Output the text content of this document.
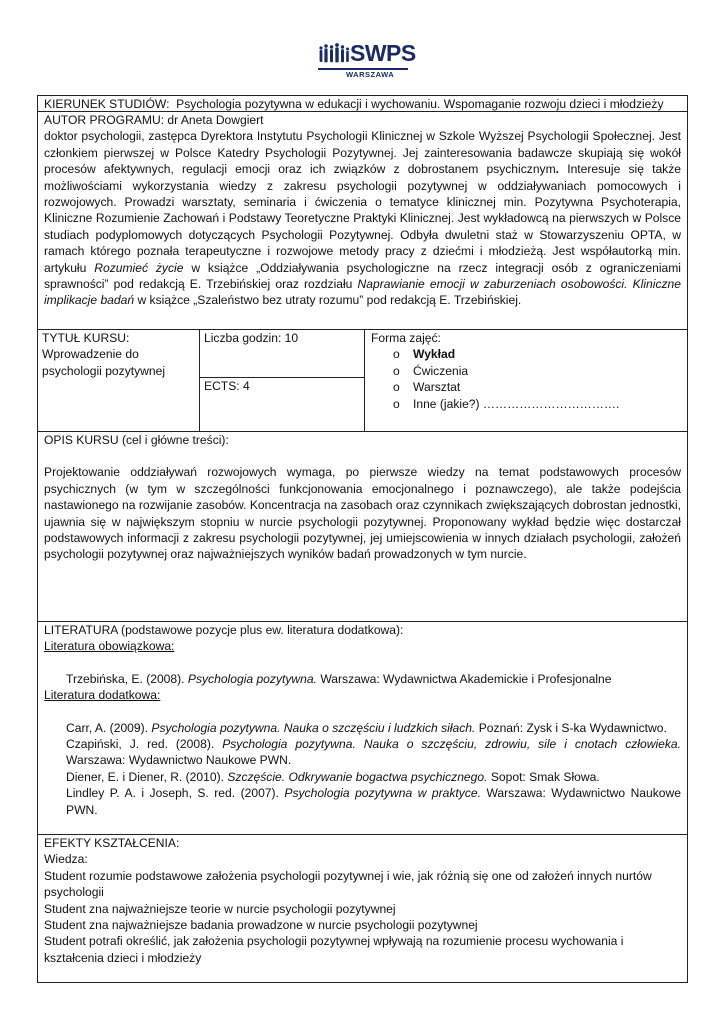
SWPS
WARSZAWA
KIERUNEK STUDIÓW: Psychologia pozytywna w edukacji i wychowaniu. Wspomaganie rozwoju dzieci i młodzieży

AUTOR PROGRAMU: dr Aneta Dowgiert

doktor psychologii, zastępca Dyrektora Instytutu Psychologii Klinicznej w Szkole Wyższej Psychologii Społecznej. Jest członkiem pierwszej w Polsce Katedry Psychologii Pozytywnej. Jej zainteresowania badawcze skupiają się wokół procesów afektywnych, regulacji emocji oraz ich związków z dobrostanem psychicznym. Interesuje się także możliwościami wykorzystania wiedzy z zakresu psychologii pozytywnej w oddziaływaniach pomocowych i rozwojowych. Prowadzi warsztaty, seminaria i ćwiczenia o tematyce klinicznej min. Pozytywna Psychoterapia, Kliniczne Rozumienie Zachowań i Podstawy Teoretyczne Praktyki Klinicznej. Jest wykładowcą na pierwszych w Polsce studiach podyplomowych dotyczących Psychologii Pozytywnej. Odbyła dwuletni staż w Stowarzyszeniu OPTA, w ramach którego poznała terapeutyczne i rozwojowe metody pracy z dziećmi i młodzieżą. Jest współautorką min. artykułu Rozumieć życie w książce „Oddziaływania psychologiczne na rzecz integracji osób z ograniczeniami sprawności” pod redakcją E. Trzebińskiej oraz rozdziału Naprawianie emocji w zaburzeniach osobowości. Kliniczne implikacje badań w książce „Szaleństwo bez utraty rozumu” pod redakcją E. Trzebińskiej.

TYTUŁ KURSU:

Wprowadzenie do psychologii pozytywnej

Liczba godzin: 10
ECTS: 4

Forma zajęć:

o	Wykład
o	Ćwiczenia
o	Warsztat
o	Inne (jakie?) …………………………….

OPIS KURSU (cel i główne treści):

Projektowanie oddziaływań rozwojowych wymaga, po pierwsze wiedzy na temat podstawowych procesów psychicznych (w tym w szczególności funkcjonowania emocjonalnego i poznawczego), ale także podejścia nastawionego na rozwijanie zasobów. Koncentracja na zasobach oraz czynnikach zwiększających dobrostan jednostki, ujawnia się w największym stopniu w nurcie psychologii pozytywnej. Proponowany wykład będzie więc dostarczał podstawowych informacji z zakresu psychologii pozytywnej, jej umiejscowienia w innych działach psychologii, założeń psychologii pozytywnej oraz najważniejszych wyników badań prowadzonych w tym nurcie.

LITERATURA (podstawowe pozycje plus ew. literatura dodatkowa):

Literatura obowiązkowa:

Trzebińska, E. (2008). Psychologia pozytywna. Warszawa: Wydawnictwa Akademickie i Profesjonalne

Literatura dodatkowa:

Carr, A. (2009). Psychologia pozytywna. Nauka o szczęściu i ludzkich siłach. Poznań: Zysk i S-ka Wydawnictwo.

Czapiński, J. red. (2008). Psychologia pozytywna. Nauka o szczęściu, zdrowiu, sile i cnotach człowieka. Warszawa: Wydawnictwo Naukowe PWN.

Diener, E. i Diener, R. (2010). Szczęście. Odkrywanie bogactwa psychicznego. Sopot: Smak Słowa.

Lindley P. A. i Joseph, S. red. (2007). Psychologia pozytywna w praktyce. Warszawa: Wydawnictwo Naukowe PWN.

EFEKTY KSZTAŁCENIA:

Wiedza:

Student rozumie podstawowe założenia psychologii pozytywnej i wie, jak różnią się one od założeń innych nurtów psychologii

Student zna najważniejsze teorie w nurcie psychologii pozytywnej

Student zna najważniejsze badania prowadzone w nurcie psychologii pozytywnej

Student potrafi określić, jak założenia psychologii pozytywnej wpływają na rozumienie procesu wychowania i kształcenia dzieci i młodzieży
